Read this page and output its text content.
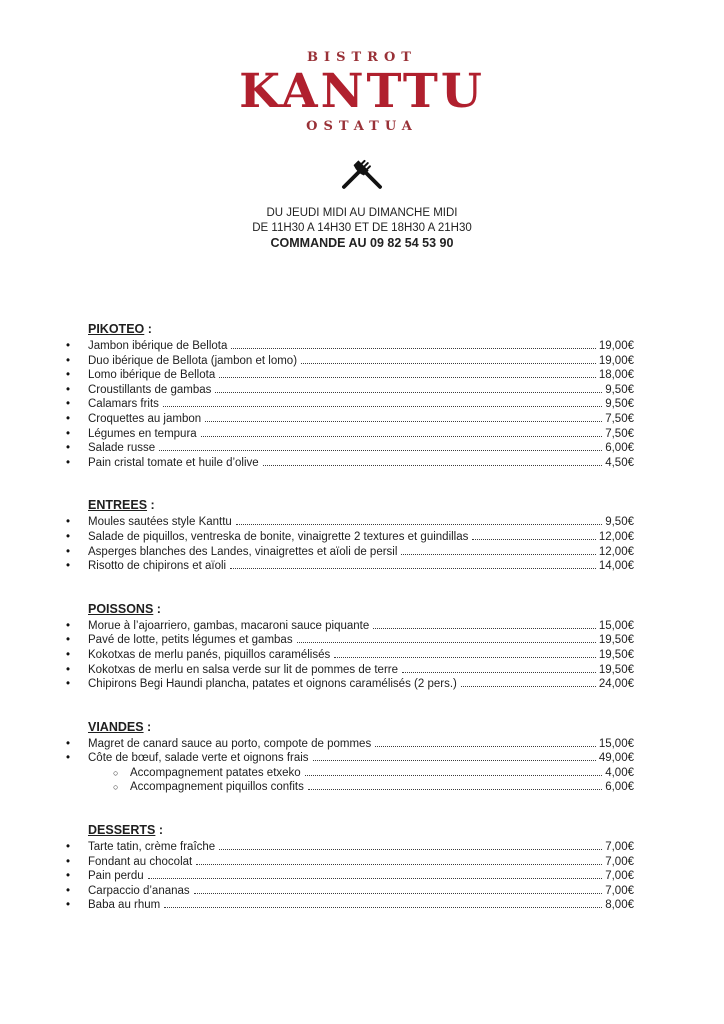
BISTROT
KANTTU
OSTATUA
DU JEUDI MIDI AU DIMANCHE MIDI
DE 11H30 A 14H30 ET DE 18H30 A 21H30
COMMANDE AU 09 82 54 53 90
PIKOTEO :
•	Jambon ibérique de Bellota	19,00€
•	Duo ibérique de Bellota (jambon et lomo)	19,00€
•	Lomo ibérique de Bellota	18,00€
•	Croustillants de gambas	9,50€
•	Calamars frits	9,50€
•	Croquettes au jambon	7,50€
•	Légumes en tempura	7,50€
•	Salade russe	6,00€
•	Pain cristal tomate et huile d’olive	4,50€
ENTREES :
•	Moules sautées style Kanttu	9,50€
•	Salade de piquillos, ventreska de bonite, vinaigrette 2 textures et guindillas	12,00€
•	Asperges blanches des Landes, vinaigrettes et aïoli de persil	12,00€
•	Risotto de chipirons et aïoli	14,00€
POISSONS :
•	Morue à l’ajoarriero, gambas, macaroni sauce piquante	15,00€
•	Pavé de lotte, petits légumes et gambas	19,50€
•	Kokotxas de merlu panés, piquillos caramélisés	19,50€
•	Kokotxas de merlu en salsa verde sur lit de pommes de terre	19,50€
•	Chipirons Begi Haundi plancha, patates et oignons caramélisés (2 pers.)	24,00€
VIANDES :
•	Magret de canard sauce au porto, compote de pommes	15,00€
•	Côte de bœuf, salade verte et oignons frais	49,00€
○	Accompagnement patates etxeko	4,00€
○	Accompagnement piquillos confits	6,00€
DESSERTS :
•	Tarte tatin, crème fraîche	7,00€
•	Fondant au chocolat	7,00€
•	Pain perdu	7,00€
•	Carpaccio d’ananas	7,00€
•	Baba au rhum	8,00€
